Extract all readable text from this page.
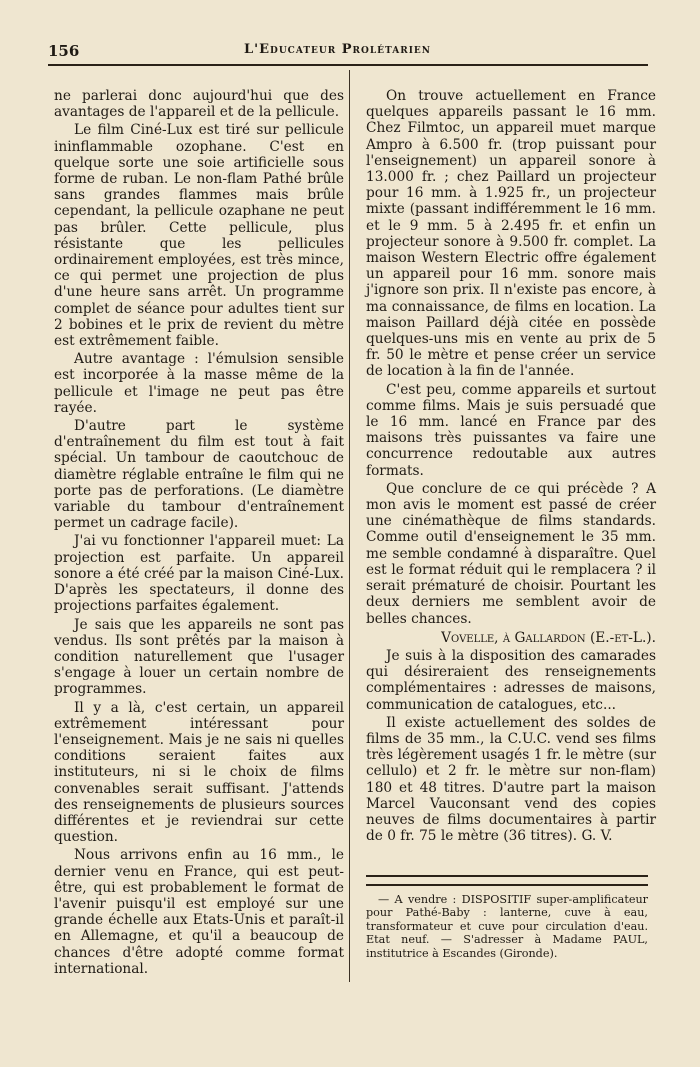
156	L'Educateur Prolétarien

ne parlerai donc aujourd'hui que des avantages de l'appareil et de la pellicule.

Le film Ciné-Lux est tiré sur pellicule ininflammable ozophane. C'est en quelque sorte une soie artificielle sous forme de ruban. Le non-flam Pathé brûle sans grandes flammes mais brûle cependant, la pellicule ozaphane ne peut pas brûler. Cette pellicule, plus résistante que les pellicules ordinairement employées, est très mince, ce qui permet une projection de plus d'une heure sans arrêt. Un programme complet de séance pour adultes tient sur 2 bobines et le prix de revient du mètre est extrêmement faible.

Autre avantage : l'émulsion sensible est incorporée à la masse même de la pellicule et l'image ne peut pas être rayée.

D'autre part le système d'entraînement du film est tout à fait spécial. Un tambour de caoutchouc de diamètre réglable entraîne le film qui ne porte pas de perforations. (Le diamètre variable du tambour d'entraînement permet un cadrage facile).

J'ai vu fonctionner l'appareil muet: La projection est parfaite. Un appareil sonore a été créé par la maison Ciné-Lux. D'après les spectateurs, il donne des projections parfaites également.

Je sais que les appareils ne sont pas vendus. Ils sont prêtés par la maison à condition naturellement que l'usager s'engage à louer un certain nombre de programmes.

Il y a là, c'est certain, un appareil extrêmement intéressant pour l'enseignement. Mais je ne sais ni quelles conditions seraient faites aux instituteurs, ni si le choix de films convenables serait suffisant. J'attends des renseignements de plusieurs sources différentes et je reviendrai sur cette question.

Nous arrivons enfin au 16 mm., le dernier venu en France, qui est peut-être, qui est probablement le format de l'avenir puisqu'il est employé sur une grande échelle aux Etats-Unis et paraît-il en Allemagne, et qu'il a beaucoup de chances d'être adopté comme format international.

On trouve actuellement en France quelques appareils passant le 16 mm. Chez Filmtoc, un appareil muet marque Ampro à 6.500 fr. (trop puissant pour l'enseignement) un appareil sonore à 13.000 fr. ; chez Paillard un projecteur pour 16 mm. à 1.925 fr., un projecteur mixte (passant indifféremment le 16 mm. et le 9 mm. 5 à 2.495 fr. et enfin un projecteur sonore à 9.500 fr. complet. La maison Western Electric offre également un appareil pour 16 mm. sonore mais j'ignore son prix. Il n'existe pas encore, à ma connaissance, de films en location. La maison Paillard déjà citée en possède quelques-uns mis en vente au prix de 5 fr. 50 le mètre et pense créer un service de location à la fin de l'année.

C'est peu, comme appareils et surtout comme films. Mais je suis persuadé que le 16 mm. lancé en France par des maisons très puissantes va faire une concurrence redoutable aux autres formats.

Que conclure de ce qui précède ? A mon avis le moment est passé de créer une cinémathèque de films standards. Comme outil d'enseignement le 35 mm. me semble condamné à disparaître. Quel est le format réduit qui le remplacera ? il serait prématuré de choisir. Pourtant les deux derniers me semblent avoir de belles chances.

Vovelle, à Gallardon (E.-et-L.).

Je suis à la disposition des camarades qui désireraient des renseignements complémentaires : adresses de maisons, communication de catalogues, etc...

Il existe actuellement des soldes de films de 35 mm., la C.U.C. vend ses films très légèrement usagés 1 fr. le mètre (sur cellulo) et 2 fr. le mètre sur non-flam) 180 et 48 titres. D'autre part la maison Marcel Vauconsant vend des copies neuves de films documentaires à partir de 0 fr. 75 le mètre (36 titres). G. V.

— A vendre : DISPOSITIF super-amplificateur pour Pathé-Baby : lanterne, cuve à eau, transformateur et cuve pour circulation d'eau. Etat neuf. — S'adresser à Madame PAUL, institutrice à Escandes (Gironde).
